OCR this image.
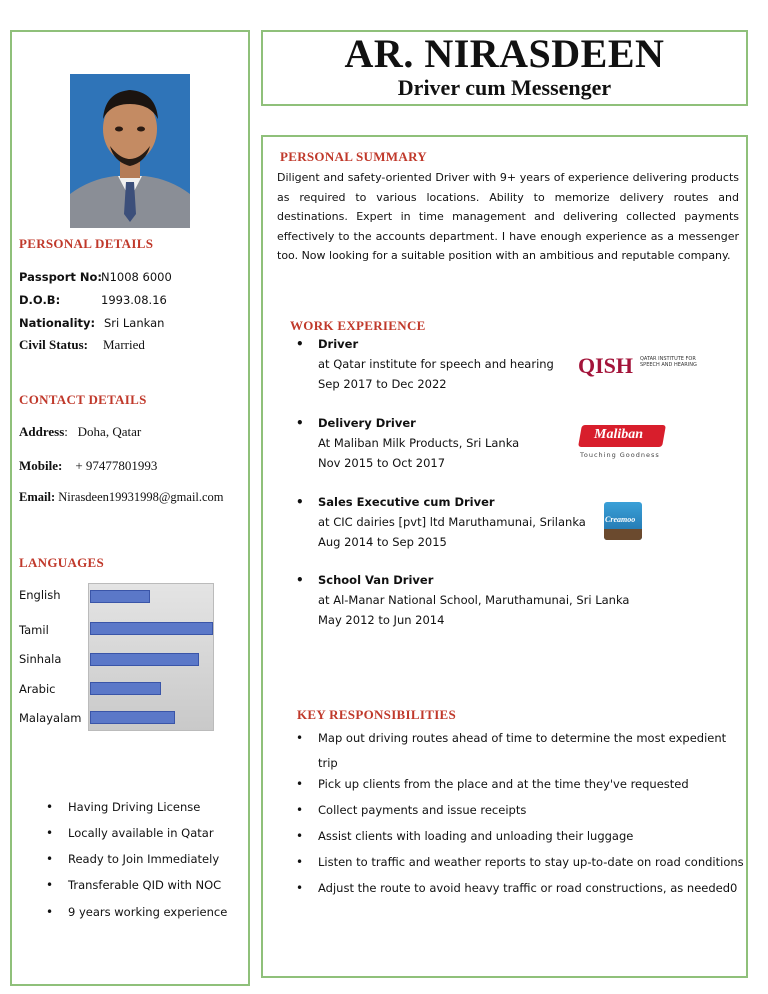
PERSONAL DETAILS
Passport No: N1008 6000
D.O.B:	1993.08.16
Nationality: Sri Lankan
Civil Status: Married
CONTACT DETAILS
Address:   Doha, Qatar
Mobile: + 97477801993
Email: Nirasdeen19931998@gmail.com
LANGUAGES
English
Tamil
Sinhala
Arabic
Malayalam
• Having Driving License
• Locally available in Qatar
• Ready to Join Immediately
• Transferable QID with NOC
• 9 years working experience
AR. NIRASDEEN
Driver cum Messenger
PERSONAL SUMMARY
Diligent and safety-oriented Driver with 9+ years of experience delivering products as required to various locations. Ability to memorize delivery routes and destinations. Expert in time management and delivering collected payments effectively to the accounts department. I have enough experience as a messenger too. Now looking for a suitable position with an ambitious and reputable company.
WORK EXPERIENCE
• Driver
at Qatar institute for speech and hearing
Sep 2017 to Dec 2022
QISH QATAR INSTITUTE FOR SPEECH AND HEARING
• Delivery Driver
At Maliban Milk Products, Sri Lanka
Nov 2015 to Oct 2017
Maliban
Touching Goodness
• Sales Executive cum Driver
at CIC dairies [pvt] ltd Maruthamunai, Srilanka
Aug 2014 to Sep 2015
Creamoo
• School Van Driver
at Al-Manar National School, Maruthamunai, Sri Lanka
May 2012 to Jun 2014
KEY RESPONSIBILITIES
• Map out driving routes ahead of time to determine the most expedient trip
• Pick up clients from the place and at the time they've requested
• Collect payments and issue receipts
• Assist clients with loading and unloading their luggage
• Listen to traffic and weather reports to stay up-to-date on road conditions
• Adjust the route to avoid heavy traffic or road constructions, as needed0
